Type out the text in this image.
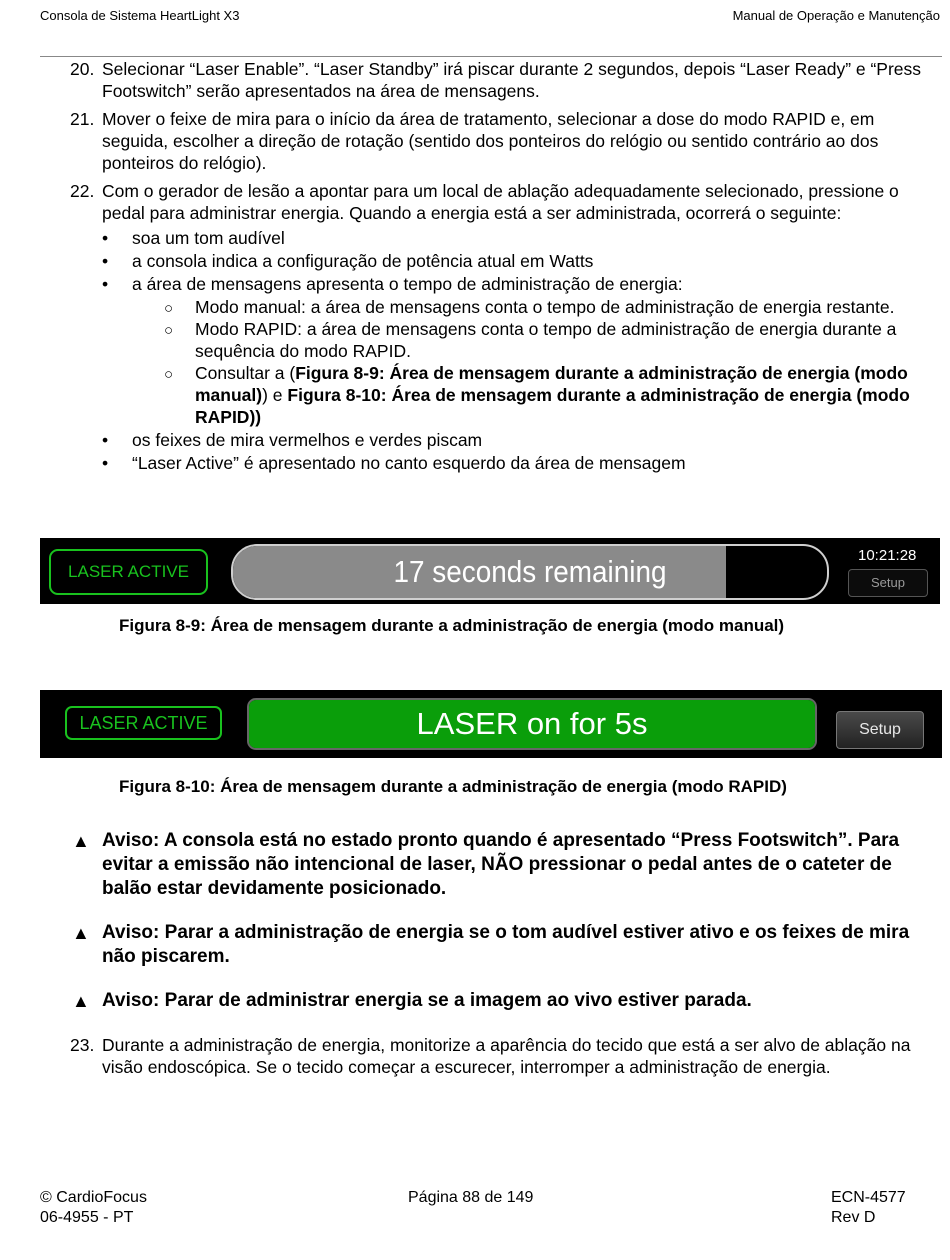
Consola de Sistema HeartLight X3	Manual de Operação e Manutenção
20. Selecionar “Laser Enable”. “Laser Standby” irá piscar durante 2 segundos, depois “Laser Ready” e “Press Footswitch” serão apresentados na área de mensagens.
21. Mover o feixe de mira para o início da área de tratamento, selecionar a dose do modo RAPID e, em seguida, escolher a direção de rotação (sentido dos ponteiros do relógio ou sentido contrário ao dos ponteiros do relógio).
22. Com o gerador de lesão a apontar para um local de ablação adequadamente selecionado, pressione o pedal para administrar energia. Quando a energia está a ser administrada, ocorrerá o seguinte:
• soa um tom audível
• a consola indica a configuração de potência atual em Watts
• a área de mensagens apresenta o tempo de administração de energia:
○ Modo manual: a área de mensagens conta o tempo de administração de energia restante.
○ Modo RAPID: a área de mensagens conta o tempo de administração de energia durante a sequência do modo RAPID.
○ Consultar a (Figura 8-9: Área de mensagem durante a administração de energia (modo manual)) e Figura 8-10: Área de mensagem durante a administração de energia (modo RAPID))
• os feixes de mira vermelhos e verdes piscam
• “Laser Active” é apresentado no canto esquerdo da área de mensagem
LASER ACTIVE	17 seconds remaining	10:21:28
Setup
Figura 8-9: Área de mensagem durante a administração de energia (modo manual)
LASER ACTIVE	LASER on for 5s	Setup
Figura 8-10: Área de mensagem durante a administração de energia (modo RAPID)
▲ Aviso: A consola está no estado pronto quando é apresentado “Press Footswitch”. Para evitar a emissão não intencional de laser, NÃO pressionar o pedal antes de o cateter de balão estar devidamente posicionado.
▲ Aviso: Parar a administração de energia se o tom audível estiver ativo e os feixes de mira não piscarem.
▲ Aviso: Parar de administrar energia se a imagem ao vivo estiver parada.
23. Durante a administração de energia, monitorize a aparência do tecido que está a ser alvo de ablação na visão endoscópica. Se o tecido começar a escurecer, interromper a administração de energia.
© CardioFocus
06-4955 - PT
Página 88 de 149	ECN-4577
Rev D
